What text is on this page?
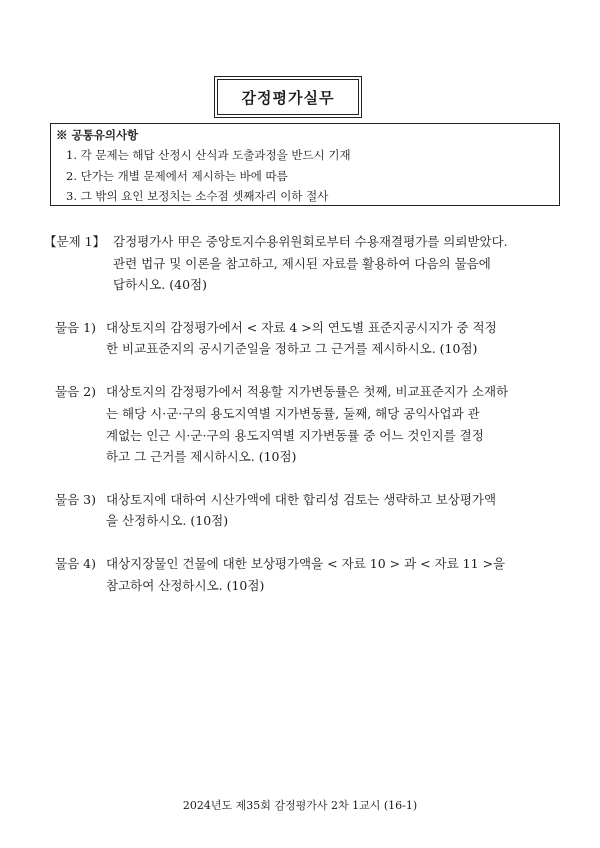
감정평가실무
※ 공통유의사항
1. 각 문제는 해답 산정시 산식과 도출과정을 반드시 기재
2. 단가는 개별 문제에서 제시하는 바에 따름
3. 그 밖의 요인 보정치는 소수점 셋째자리 이하 절사
【문제 1】 감정평가사 甲은 중앙토지수용위원회로부터 수용재결평가를 의뢰받았다.
관련 법규 및 이론을 참고하고, 제시된 자료를 활용하여 다음의 물음에
답하시오. (40점)
물음 1) 대상토지의 감정평가에서 < 자료 4 >의 연도별 표준지공시지가 중 적정
한 비교표준지의 공시기준일을 정하고 그 근거를 제시하시오. (10점)
물음 2) 대상토지의 감정평가에서 적용할 지가변동률은 첫째, 비교표준지가 소재하
는 해당 시·군·구의 용도지역별 지가변동률, 둘째, 해당 공익사업과 관
계없는 인근 시·군·구의 용도지역별 지가변동률 중 어느 것인지를 결정
하고 그 근거를 제시하시오. (10점)
물음 3) 대상토지에 대하여 시산가액에 대한 합리성 검토는 생략하고 보상평가액
을 산정하시오. (10점)
물음 4) 대상지장물인 건물에 대한 보상평가액을 < 자료 10 > 과 < 자료 11 >을
참고하여 산정하시오. (10점)
2024년도 제35회 감정평가사 2차 1교시 (16-1)
